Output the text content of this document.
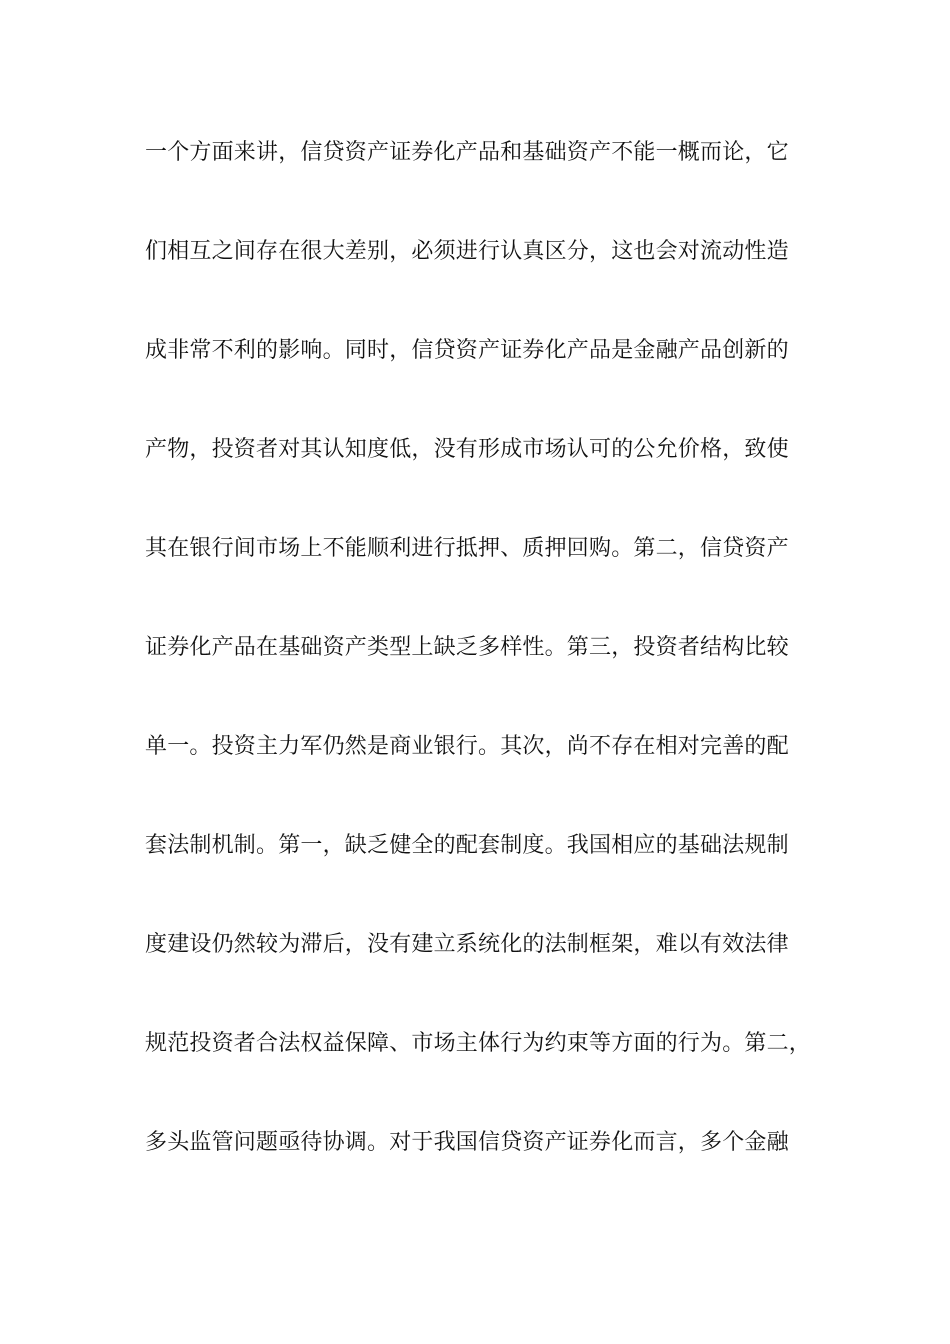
一个方面来讲，信贷资产证券化产品和基础资产不能一概而论，它
们相互之间存在很大差别，必须进行认真区分，这也会对流动性造
成非常不利的影响。同时，信贷资产证券化产品是金融产品创新的
产物，投资者对其认知度低，没有形成市场认可的公允价格，致使
其在银行间市场上不能顺利进行抵押、质押回购。第二，信贷资产
证券化产品在基础资产类型上缺乏多样性。第三，投资者结构比较
单一。投资主力军仍然是商业银行。其次，尚不存在相对完善的配
套法制机制。第一，缺乏健全的配套制度。我国相应的基础法规制
度建设仍然较为滞后，没有建立系统化的法制框架，难以有效法律
规范投资者合法权益保障、市场主体行为约束等方面的行为。第二，
多头监管问题亟待协调。对于我国信贷资产证券化而言，多个金融
